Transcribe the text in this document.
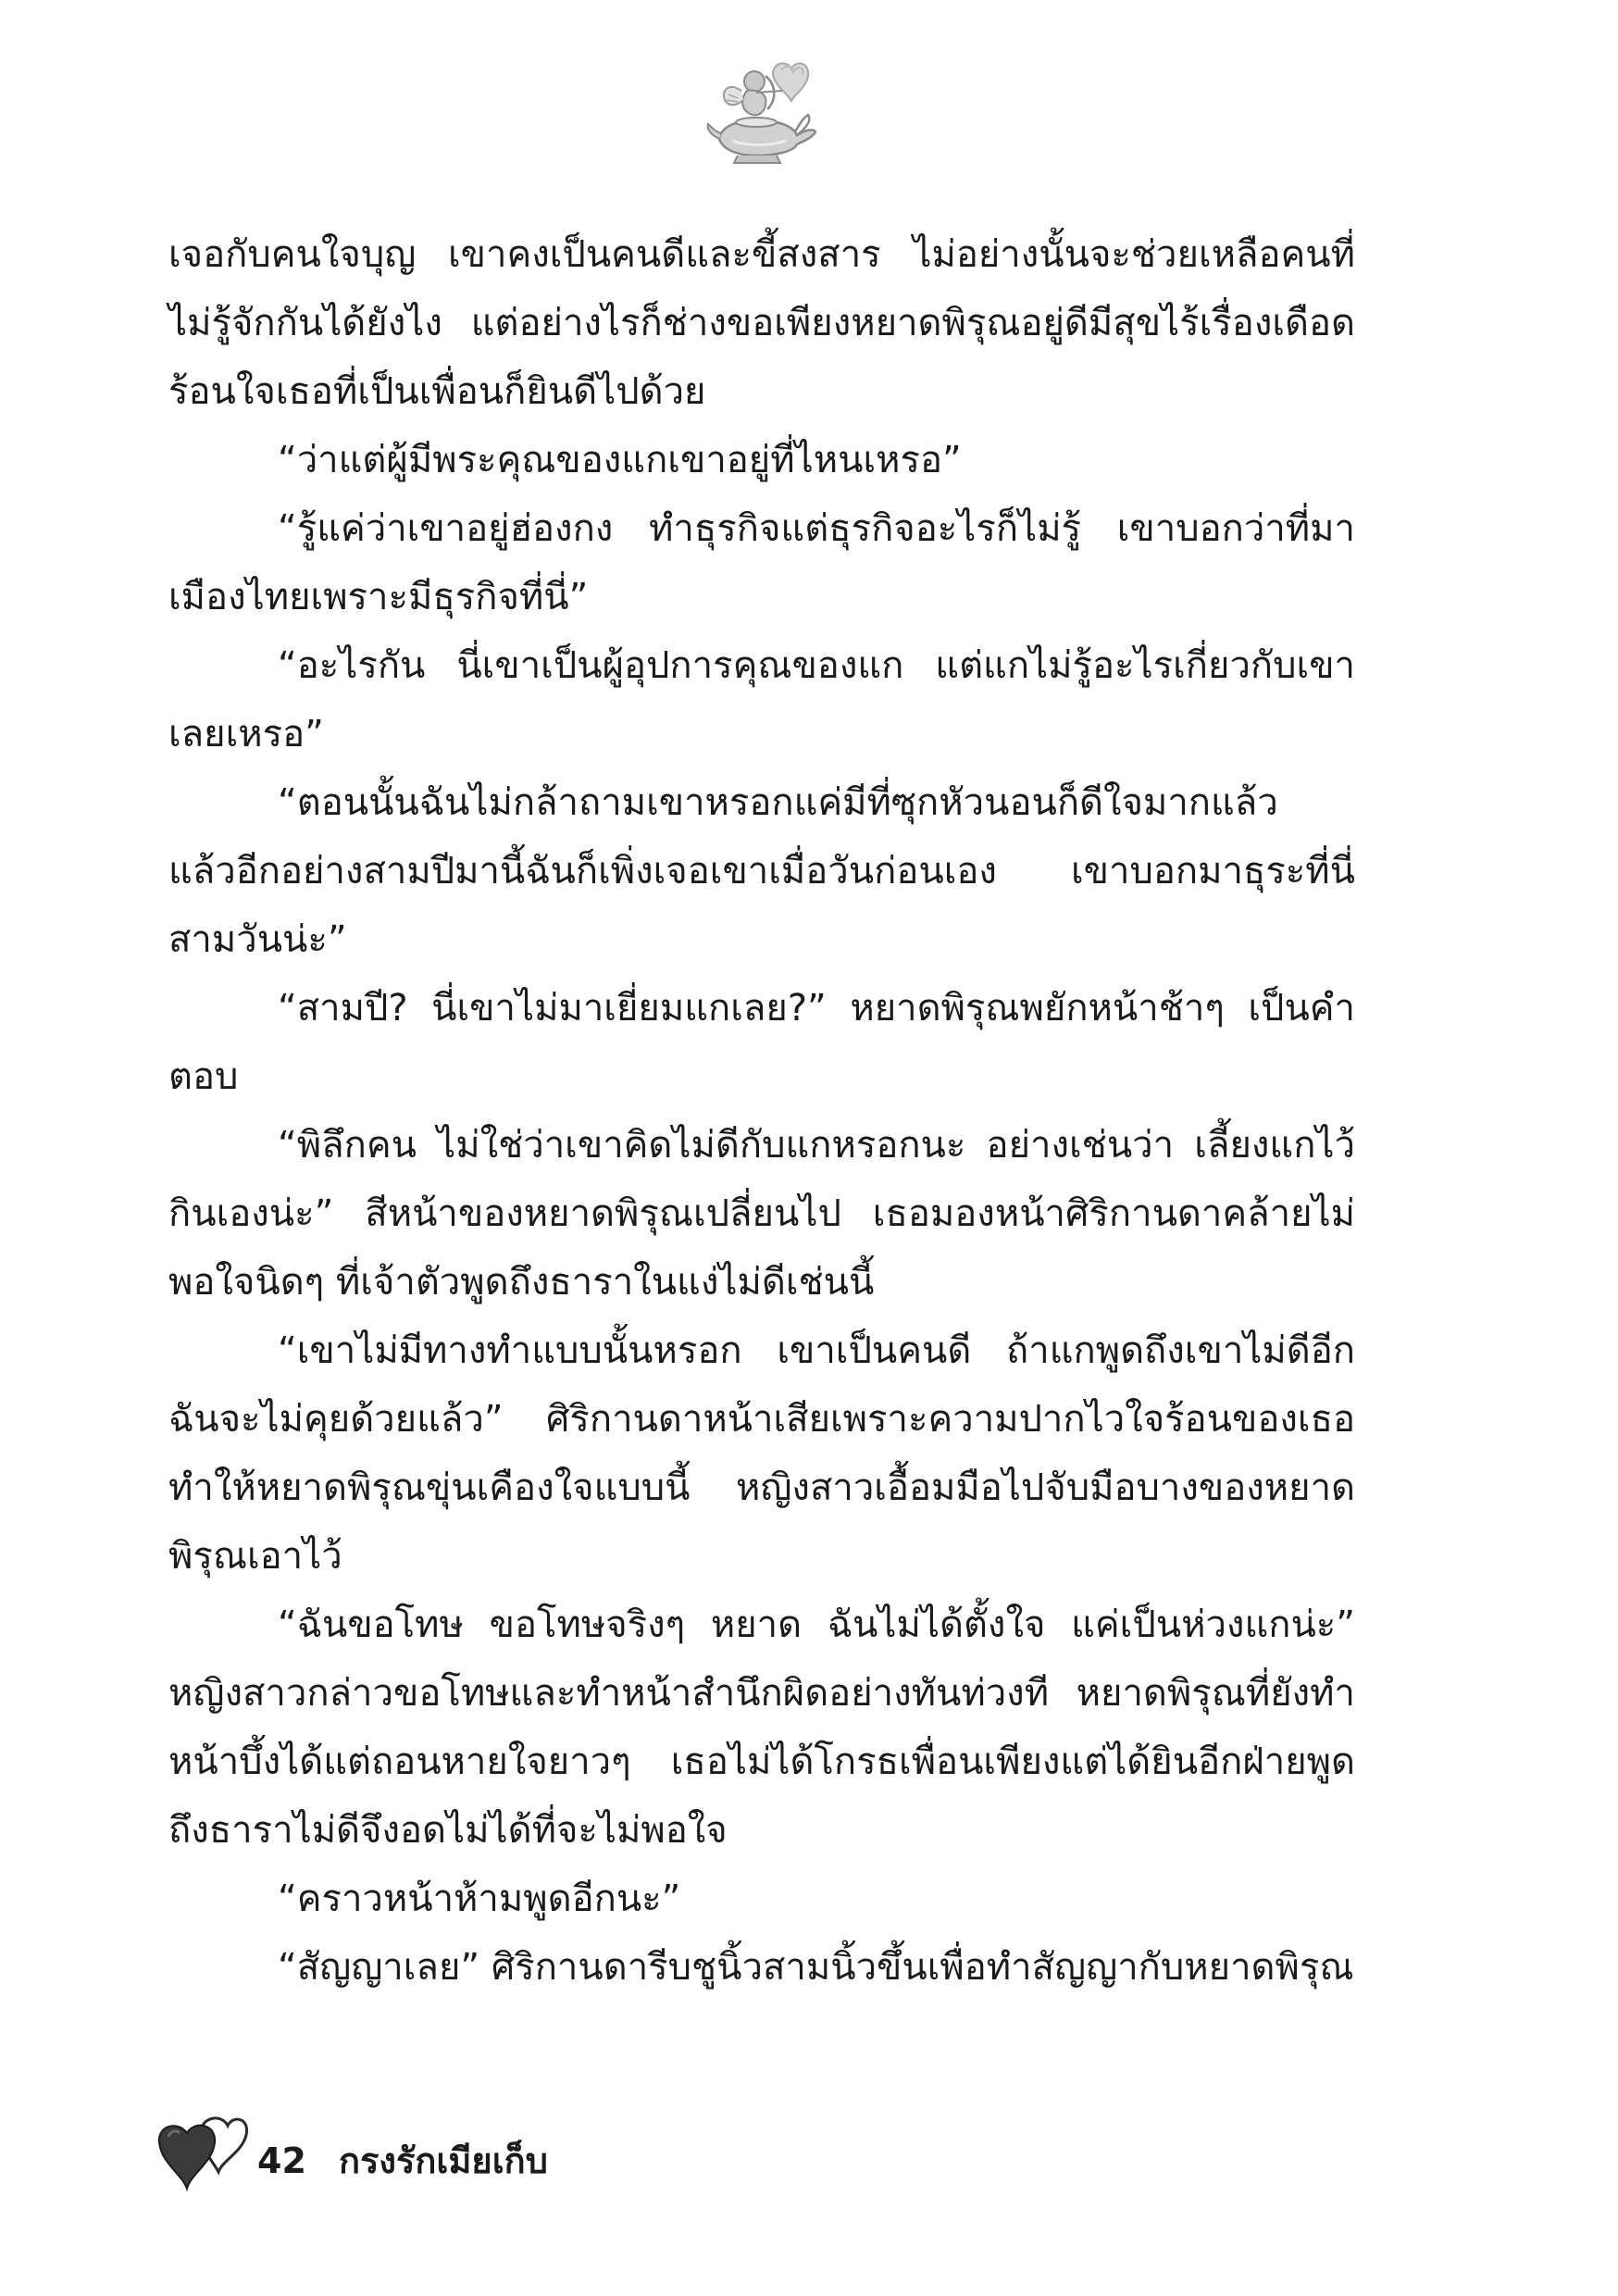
เจอกับคนใจบุญ เขาคงเป็นคนดีและขี้สงสาร ไม่อย่างนั้นจะช่วยเหลือคนที่ไม่รู้จักกันได้ยังไง แต่อย่างไรก็ช่างขอเพียงหยาดพิรุณอยู่ดีมีสุขไร้เรื่องเดือดร้อนใจเธอที่เป็นเพื่อนก็ยินดีไปด้วย

“ว่าแต่ผู้มีพระคุณของแกเขาอยู่ที่ไหนเหรอ”

“รู้แค่ว่าเขาอยู่ฮ่องกง ทำธุรกิจแต่ธุรกิจอะไรก็ไม่รู้ เขาบอกว่าที่มาเมืองไทยเพราะมีธุรกิจที่นี่”

“อะไรกัน นี่เขาเป็นผู้อุปการคุณของแก แต่แกไม่รู้อะไรเกี่ยวกับเขาเลยเหรอ”

“ตอนนั้นฉันไม่กล้าถามเขาหรอกแค่มีที่ซุกหัวนอนก็ดีใจมากแล้ว แล้วอีกอย่างสามปีมานี้ฉันก็เพิ่งเจอเขาเมื่อวันก่อนเอง เขาบอกมาธุระที่นี่สามวันน่ะ”

“สามปี? นี่เขาไม่มาเยี่ยมแกเลย?” หยาดพิรุณพยักหน้าช้าๆ เป็นคำตอบ

“พิลึกคน ไม่ใช่ว่าเขาคิดไม่ดีกับแกหรอกนะ อย่างเช่นว่า เลี้ยงแกไว้กินเองน่ะ” สีหน้าของหยาดพิรุณเปลี่ยนไป เธอมองหน้าศิริกานดาคล้ายไม่พอใจนิดๆ ที่เจ้าตัวพูดถึงธาราในแง่ไม่ดีเช่นนี้

“เขาไม่มีทางทำแบบนั้นหรอก เขาเป็นคนดี ถ้าแกพูดถึงเขาไม่ดีอีกฉันจะไม่คุยด้วยแล้ว” ศิริกานดาหน้าเสียเพราะความปากไวใจร้อนของเธอทำให้หยาดพิรุณขุ่นเคืองใจแบบนี้ หญิงสาวเอื้อมมือไปจับมือบางของหยาดพิรุณเอาไว้

“ฉันขอโทษ ขอโทษจริงๆ หยาด ฉันไม่ได้ตั้งใจ แค่เป็นห่วงแกน่ะ” หญิงสาวกล่าวขอโทษและทำหน้าสำนึกผิดอย่างทันท่วงที หยาดพิรุณที่ยังทำหน้าบึ้งได้แต่ถอนหายใจยาวๆ เธอไม่ได้โกรธเพื่อนเพียงแต่ได้ยินอีกฝ่ายพูดถึงธาราไม่ดีจึงอดไม่ได้ที่จะไม่พอใจ

“คราวหน้าห้ามพูดอีกนะ”

“สัญญาเลย” ศิริกานดารีบชูนิ้วสามนิ้วขึ้นเพื่อทำสัญญากับหยาดพิรุณ

42 กรงรักเมียเก็บ
